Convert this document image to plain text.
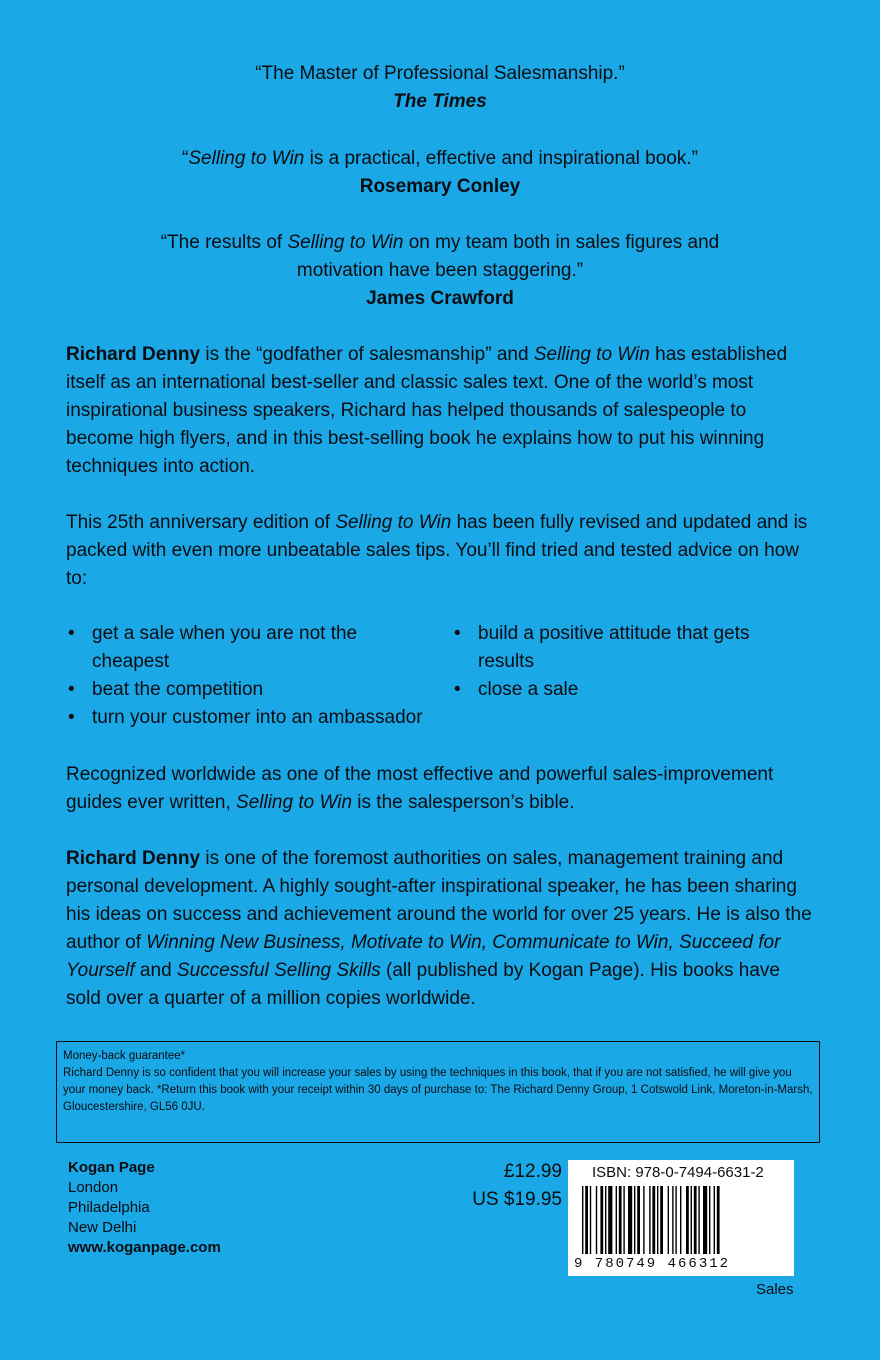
“The Master of Professional Salesmanship.”
The Times

“Selling to Win is a practical, effective and inspirational book.”
Rosemary Conley

“The results of Selling to Win on my team both in sales figures and
motivation have been staggering.”
James Crawford

Richard Denny is the “godfather of salesmanship” and Selling to Win has established itself as an international best-seller and classic sales text. One of the world’s most inspirational business speakers, Richard has helped thousands of salespeople to become high flyers, and in this best-selling book he explains how to put his winning techniques into action.

This 25th anniversary edition of Selling to Win has been fully revised and updated and is packed with even more unbeatable sales tips. You’ll find tried and tested advice on how to:

• get a sale when you are not the cheapest
• beat the competition
• turn your customer into an ambassador
• build a positive attitude that gets results
• close a sale

Recognized worldwide as one of the most effective and powerful sales-improvement guides ever written, Selling to Win is the salesperson’s bible.

Richard Denny is one of the foremost authorities on sales, management training and personal development. A highly sought-after inspirational speaker, he has been sharing his ideas on success and achievement around the world for over 25 years. He is also the author of Winning New Business, Motivate to Win, Communicate to Win, Succeed for Yourself and Successful Selling Skills (all published by Kogan Page). His books have sold over a quarter of a million copies worldwide.

Money-back guarantee*
Richard Denny is so confident that you will increase your sales by using the techniques in this book, that if you are not satisfied, he will give you your money back. *Return this book with your receipt within 30 days of purchase to: The Richard Denny Group, 1 Cotswold Link, Moreton-in-Marsh, Gloucestershire, GL56 0JU.
Kogan Page
London
Philadelphia
New Delhi
www.koganpage.com
£12.99
US $19.95
ISBN: 978-0-7494-6631-2
9 780749 466312
Sales
